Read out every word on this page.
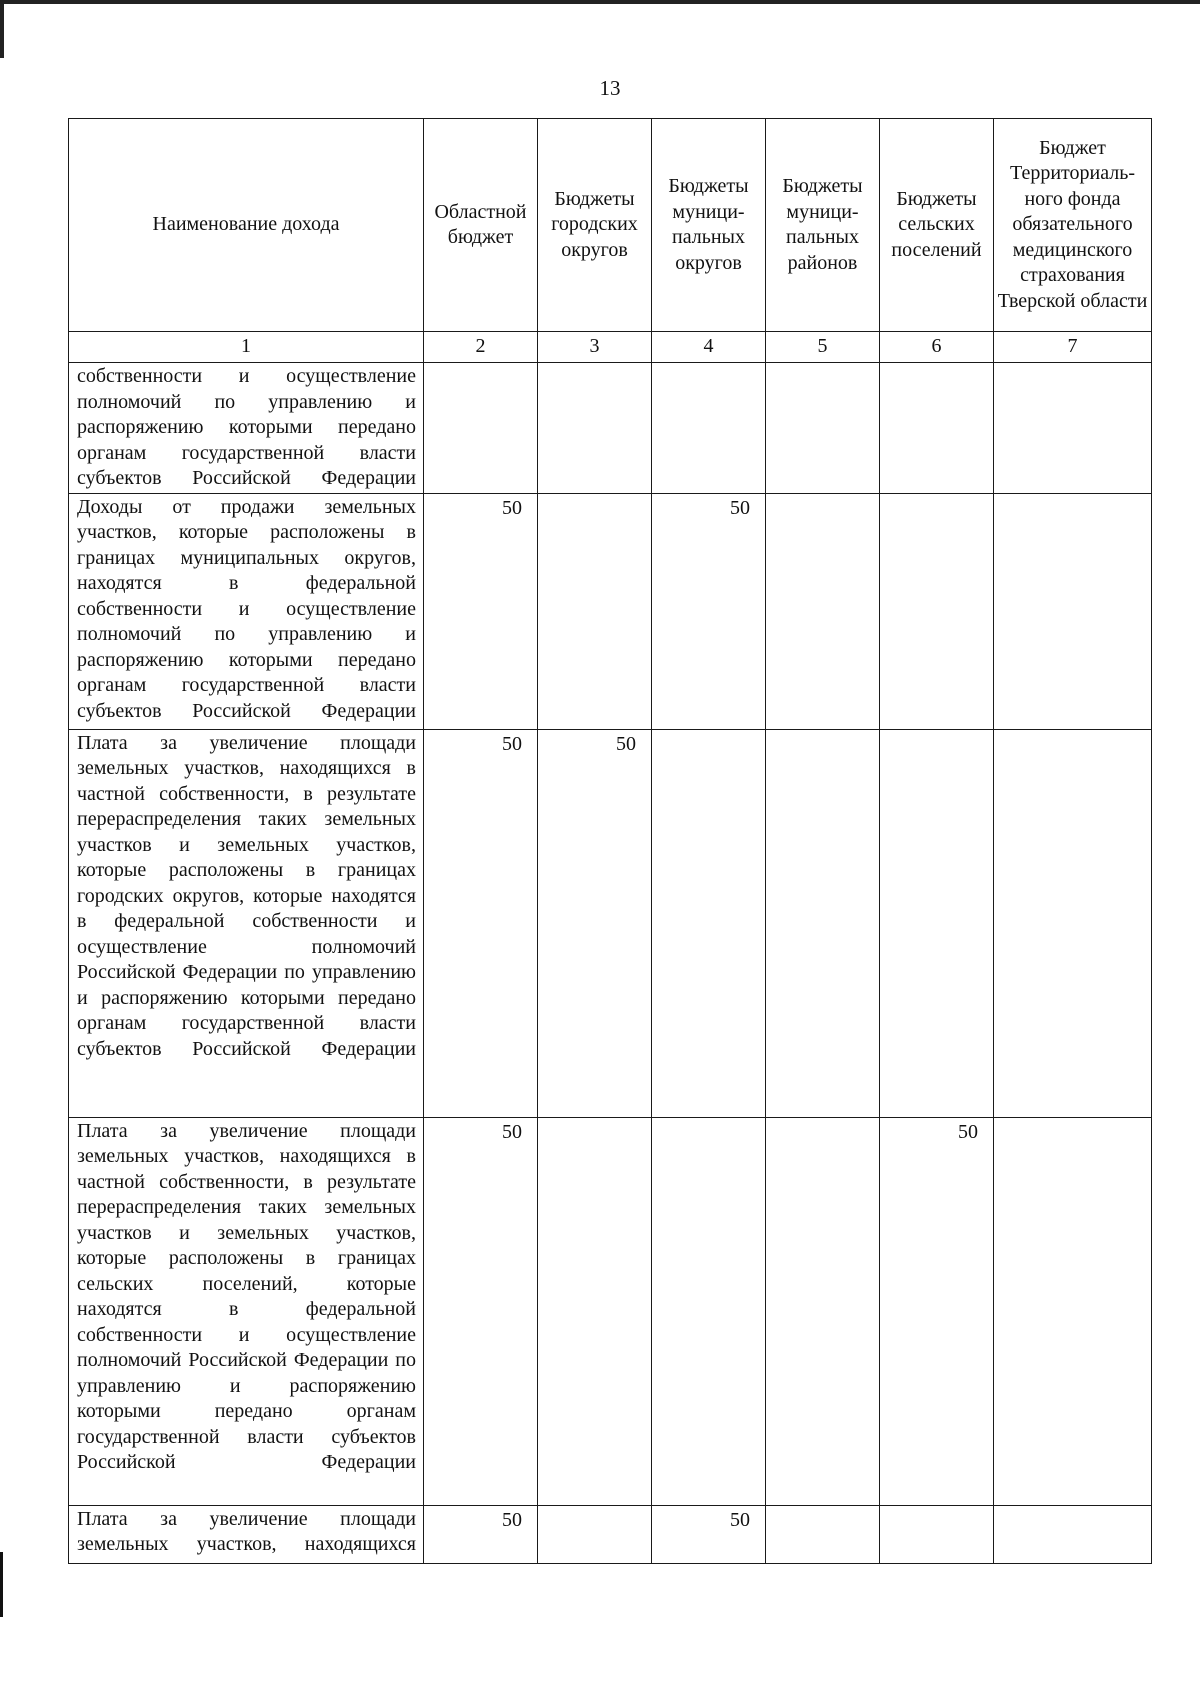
13
Наименование дохода	Областной бюджет	Бюджеты городских округов	Бюджеты муници-пальных округов	Бюджеты муници-пальных районов	Бюджеты сельских поселений	Бюджет Территориаль-ного фонда обязательного медицинского страхования Тверской области
1	2	3	4	5	6	7
собственности и осуществление полномочий по управлению и распоряжению которыми передано органам государственной власти субъектов Российской Федерации						
Доходы от продажи земельных участков, которые расположены в границах муниципальных округов, находятся в федеральной собственности и осуществление полномочий по управлению и распоряжению которыми передано органам государственной власти субъектов Российской Федерации	50		50			
Плата за увеличение площади земельных участков, находящихся в частной собственности, в результате перераспределения таких земельных участков и земельных участков, которые расположены в границах городских округов, которые находятся в федеральной собственности и осуществление полномочий Российской Федерации по управлению и распоряжению которыми передано органам государственной власти субъектов Российской Федерации	50	50				
Плата за увеличение площади земельных участков, находящихся в частной собственности, в результате перераспределения таких земельных участков и земельных участков, которые расположены в границах сельских поселений, которые находятся в федеральной собственности и осуществление полномочий Российской Федерации по управлению и распоряжению которыми передано органам государственной власти субъектов Российской Федерации	50				50	
Плата за увеличение площади земельных участков, находящихся	50		50			
